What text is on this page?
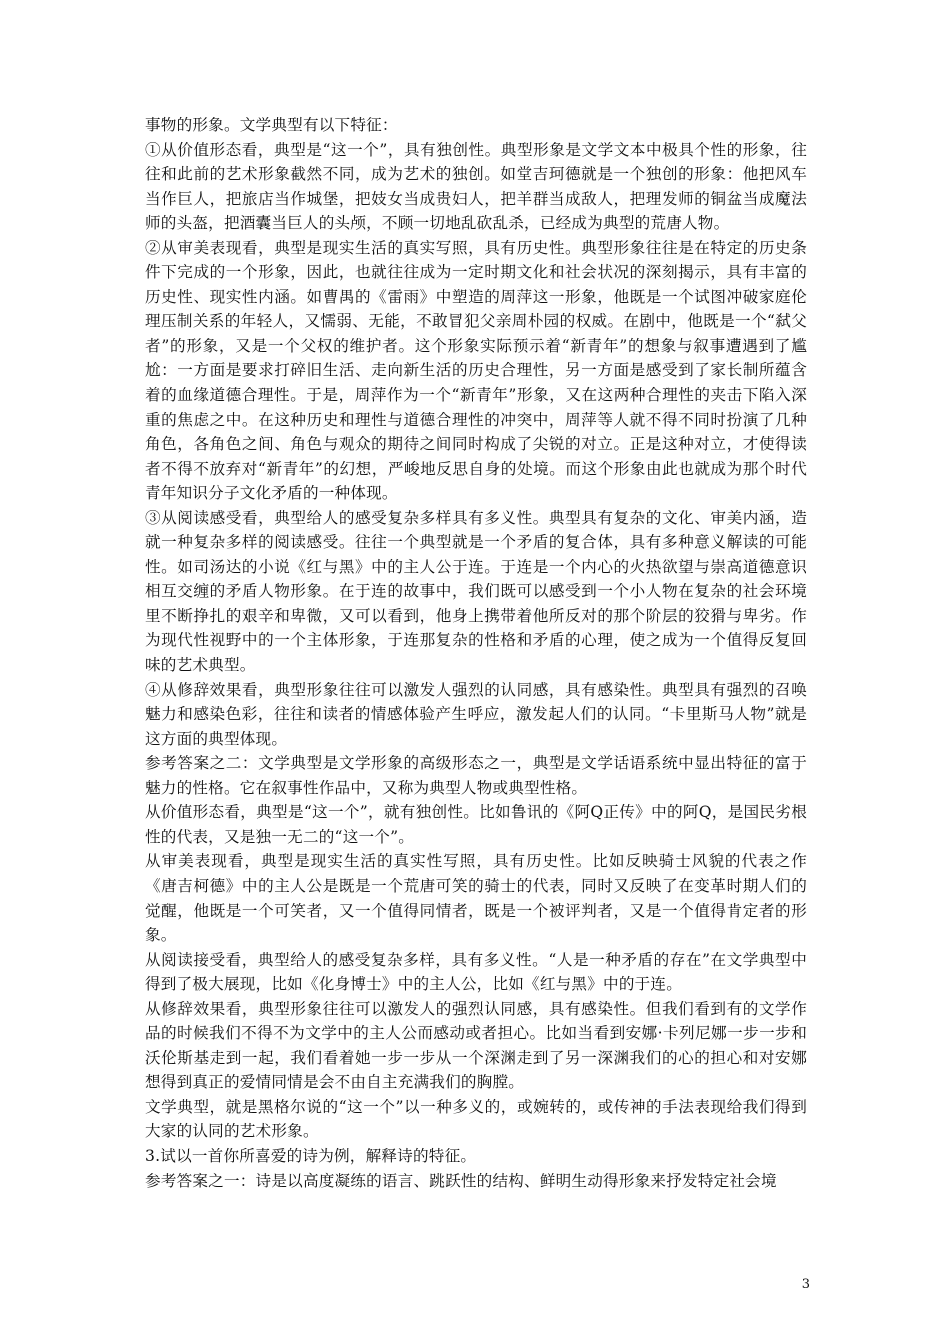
事物的形象。文学典型有以下特征：

①从价值形态看，典型是“这一个”，具有独创性。典型形象是文学文本中极具个性的形象，往往和此前的艺术形象截然不同，成为艺术的独创。如堂吉珂德就是一个独创的形象：他把风车当作巨人，把旅店当作城堡，把妓女当成贵妇人，把羊群当成敌人，把理发师的铜盆当成魔法师的头盔，把酒囊当巨人的头颅，不顾一切地乱砍乱杀，已经成为典型的荒唐人物。

②从审美表现看，典型是现实生活的真实写照，具有历史性。典型形象往往是在特定的历史条件下完成的一个形象，因此，也就往往成为一定时期文化和社会状况的深刻揭示，具有丰富的历史性、现实性内涵。如曹禺的《雷雨》中塑造的周萍这一形象，他既是一个试图冲破家庭伦理压制关系的年轻人，又懦弱、无能，不敢冒犯父亲周朴园的权威。在剧中，他既是一个“弑父者”的形象，又是一个父权的维护者。这个形象实际预示着“新青年”的想象与叙事遭遇到了尴尬：一方面是要求打碎旧生活、走向新生活的历史合理性，另一方面是感受到了家长制所蕴含着的血缘道德合理性。于是，周萍作为一个“新青年”形象，又在这两种合理性的夹击下陷入深重的焦虑之中。在这种历史和理性与道德合理性的冲突中，周萍等人就不得不同时扮演了几种角色，各角色之间、角色与观众的期待之间同时构成了尖锐的对立。正是这种对立，才使得读者不得不放弃对“新青年”的幻想，严峻地反思自身的处境。而这个形象由此也就成为那个时代青年知识分子文化矛盾的一种体现。

③从阅读感受看，典型给人的感受复杂多样具有多义性。典型具有复杂的文化、审美内涵，造就一种复杂多样的阅读感受。往往一个典型就是一个矛盾的复合体，具有多种意义解读的可能性。如司汤达的小说《红与黑》中的主人公于连。于连是一个内心的火热欲望与崇高道德意识相互交缠的矛盾人物形象。在于连的故事中，我们既可以感受到一个小人物在复杂的社会环境里不断挣扎的艰辛和卑微，又可以看到，他身上携带着他所反对的那个阶层的狡猾与卑劣。作为现代性视野中的一个主体形象，于连那复杂的性格和矛盾的心理，使之成为一个值得反复回味的艺术典型。

④从修辞效果看，典型形象往往可以激发人强烈的认同感，具有感染性。典型具有强烈的召唤魅力和感染色彩，往往和读者的情感体验产生呼应，激发起人们的认同。“卡里斯马人物”就是这方面的典型体现。

参考答案之二：文学典型是文学形象的高级形态之一，典型是文学话语系统中显出特征的富于魅力的性格。它在叙事性作品中，又称为典型人物或典型性格。

从价值形态看，典型是“这一个”，就有独创性。比如鲁讯的《阿Q正传》中的阿Q，是国民劣根性的代表，又是独一无二的“这一个”。

从审美表现看，典型是现实生活的真实性写照，具有历史性。比如反映骑士风貌的代表之作《唐吉柯德》中的主人公是既是一个荒唐可笑的骑士的代表，同时又反映了在变革时期人们的觉醒，他既是一个可笑者，又一个值得同情者，既是一个被评判者，又是一个值得肯定者的形象。

从阅读接受看，典型给人的感受复杂多样，具有多义性。“人是一种矛盾的存在”在文学典型中得到了极大展现，比如《化身博士》中的主人公，比如《红与黑》中的于连。

从修辞效果看，典型形象往往可以激发人的强烈认同感，具有感染性。但我们看到有的文学作品的时候我们不得不为文学中的主人公而感动或者担心。比如当看到安娜·卡列尼娜一步一步和沃伦斯基走到一起，我们看着她一步一步从一个深渊走到了另一深渊我们的心的担心和对安娜想得到真正的爱情同情是会不由自主充满我们的胸膛。

文学典型，就是黑格尔说的“这一个”以一种多义的，或婉转的，或传神的手法表现给我们得到大家的认同的艺术形象。

3.试以一首你所喜爱的诗为例，解释诗的特征。

参考答案之一：诗是以高度凝练的语言、跳跃性的结构、鲜明生动得形象来抒发特定社会境

3
